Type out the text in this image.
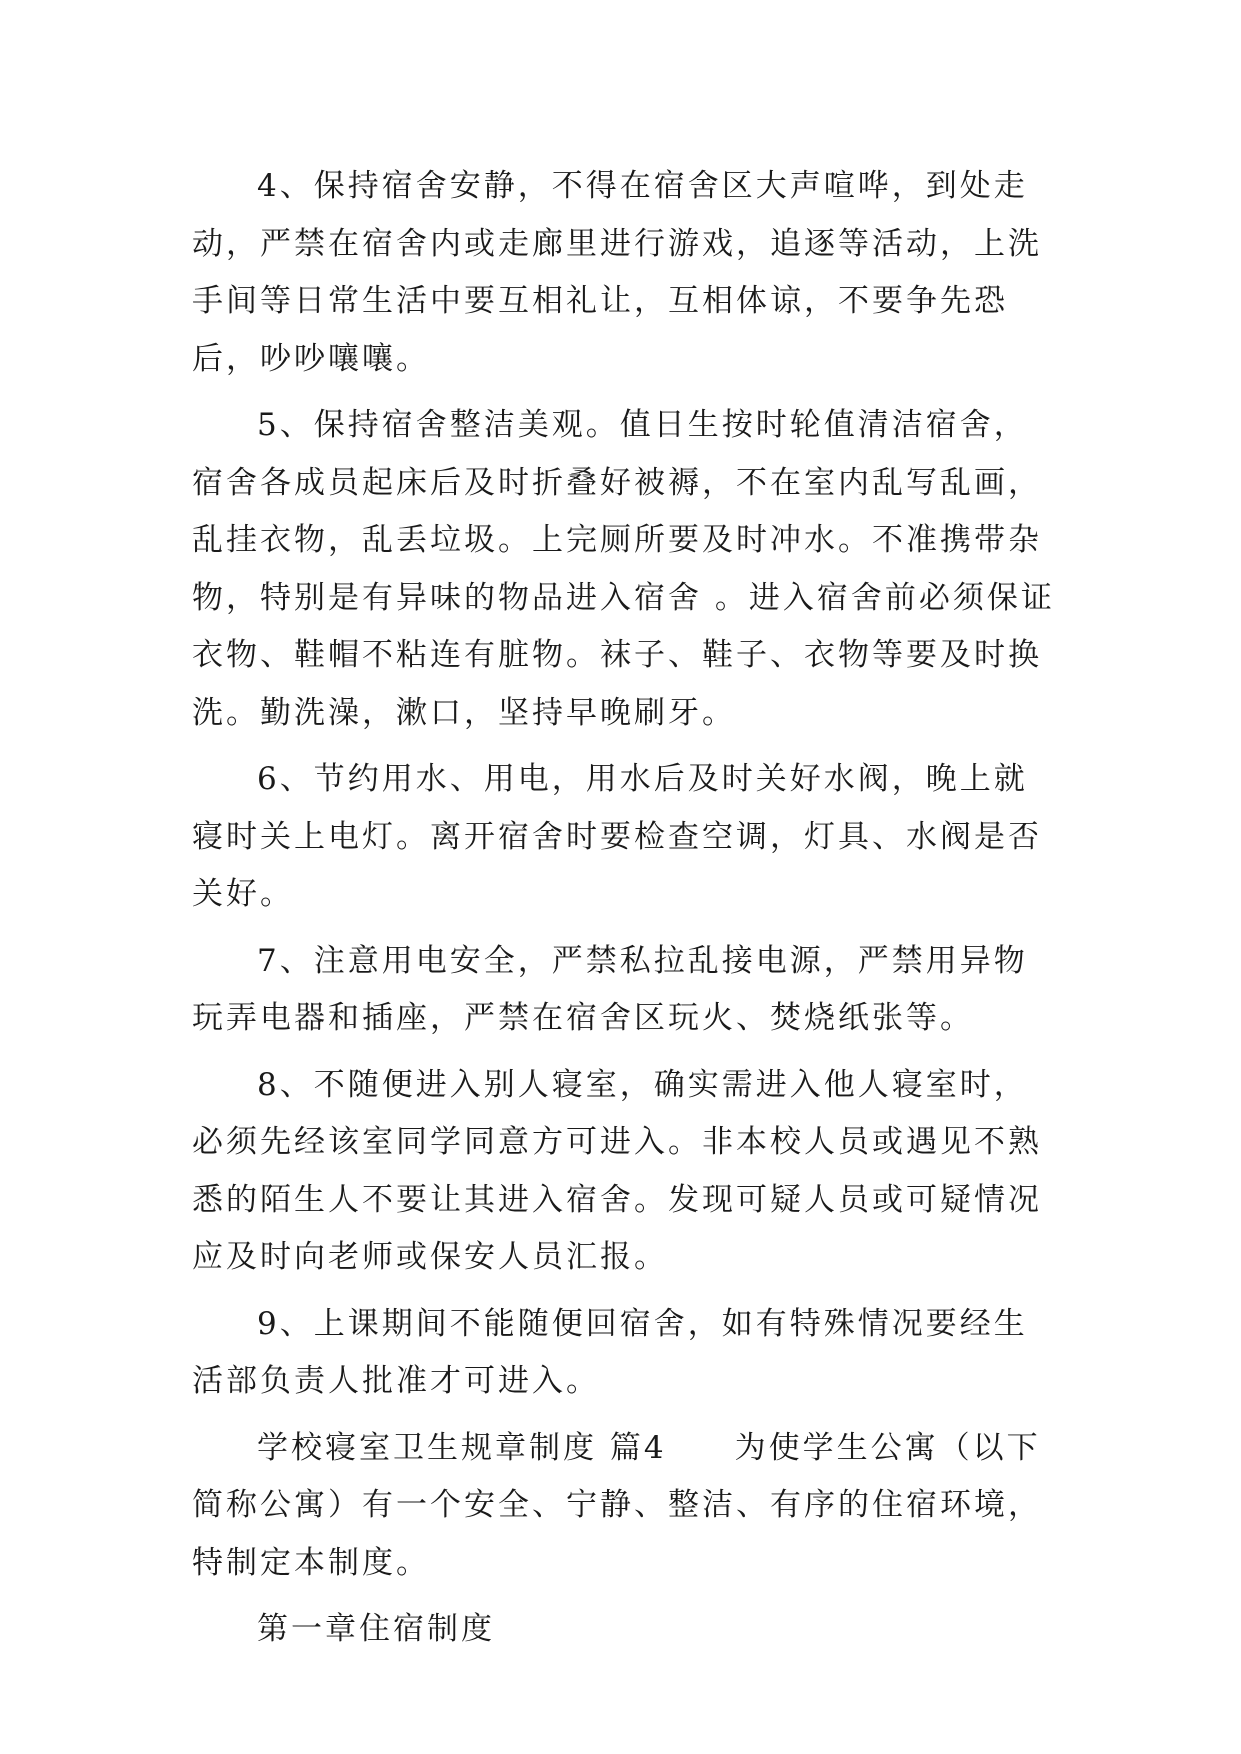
4、保持宿舍安静，不得在宿舍区大声喧哗，到处走动，严禁在宿舍内或走廊里进行游戏，追逐等活动，上洗手间等日常生活中要互相礼让，互相体谅，不要争先恐后，吵吵嚷嚷。

5、保持宿舍整洁美观。值日生按时轮值清洁宿舍，宿舍各成员起床后及时折叠好被褥，不在室内乱写乱画，乱挂衣物，乱丢垃圾。上完厕所要及时冲水。不准携带杂物，特别是有异味的物品进入宿舍 。进入宿舍前必须保证衣物、鞋帽不粘连有脏物。袜子、鞋子、衣物等要及时换洗。勤洗澡，漱口，坚持早晚刷牙。

6、节约用水、用电，用水后及时关好水阀，晚上就寝时关上电灯。离开宿舍时要检查空调，灯具、水阀是否关好。

7、注意用电安全，严禁私拉乱接电源，严禁用异物玩弄电器和插座，严禁在宿舍区玩火、焚烧纸张等。

8、不随便进入别人寝室，确实需进入他人寝室时，必须先经该室同学同意方可进入。非本校人员或遇见不熟悉的陌生人不要让其进入宿舍。发现可疑人员或可疑情况应及时向老师或保安人员汇报。

9、上课期间不能随便回宿舍，如有特殊情况要经生活部负责人批准才可进入。

学校寝室卫生规章制度 篇4　　为使学生公寓（以下简称公寓）有一个安全、宁静、整洁、有序的住宿环境，特制定本制度。

第一章住宿制度
